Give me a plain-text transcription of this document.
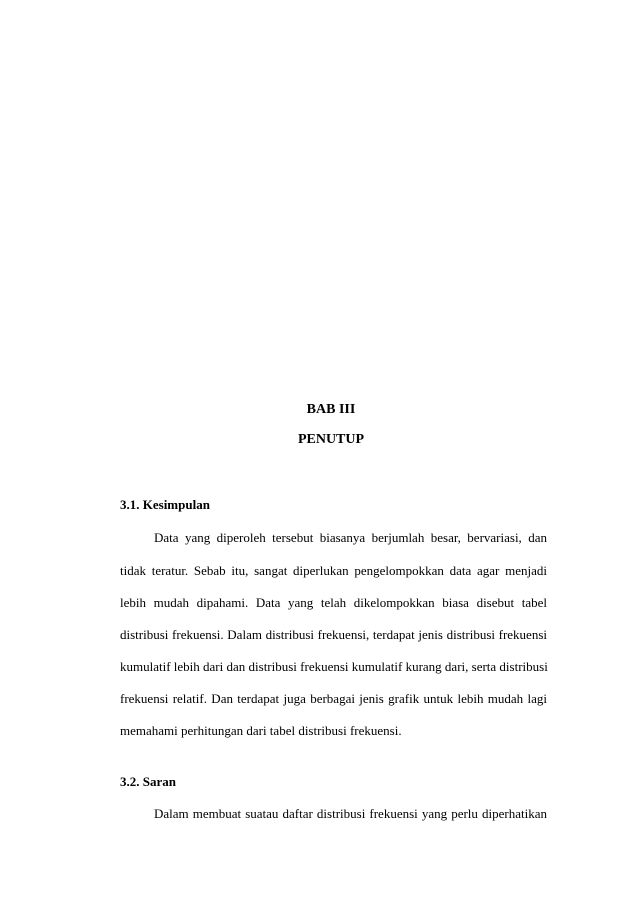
BAB III
PENUTUP
3.1. Kesimpulan
Data yang diperoleh tersebut biasanya berjumlah besar, bervariasi, dan
tidak teratur. Sebab itu, sangat diperlukan pengelompokkan data agar menjadi
lebih mudah dipahami. Data yang telah dikelompokkan biasa disebut tabel
distribusi frekuensi. Dalam distribusi frekuensi, terdapat jenis distribusi frekuensi
kumulatif lebih dari dan distribusi frekuensi kumulatif kurang dari, serta distribusi
frekuensi relatif. Dan terdapat juga berbagai jenis grafik untuk lebih mudah lagi
memahami perhitungan dari tabel distribusi frekuensi.
3.2. Saran
Dalam membuat suatau daftar distribusi frekuensi yang perlu diperhatikan
